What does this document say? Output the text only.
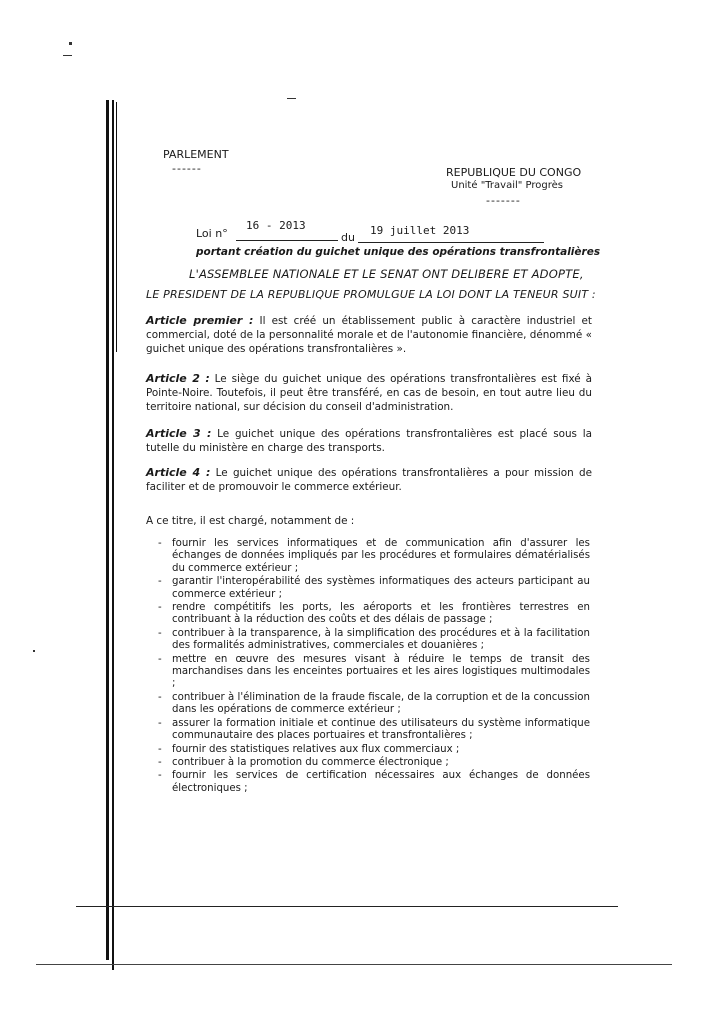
PARLEMENT
------	REPUBLIQUE DU CONGO
Unité "Travail" Progrès
-------
Loi n°
16 - 2013
du
19 juillet 2013
portant création du guichet unique des opérations transfrontalières
L'ASSEMBLEE NATIONALE ET LE SENAT ONT DELIBERE ET ADOPTE,
LE PRESIDENT DE LA REPUBLIQUE PROMULGUE LA LOI DONT LA TENEUR SUIT :
Article premier : Il est créé un établissement public à caractère industriel et commercial, doté de la personnalité morale et de l'autonomie financière, dénommé « guichet unique des opérations transfrontalières ».
Article 2 : Le siège du guichet unique des opérations transfrontalières est fixé à Pointe-Noire. Toutefois, il peut être transféré, en cas de besoin, en tout autre lieu du territoire national, sur décision du conseil d'administration.
Article 3 : Le guichet unique des opérations transfrontalières est placé sous la tutelle du ministère en charge des transports.
Article 4 : Le guichet unique des opérations transfrontalières a pour mission de faciliter et de promouvoir le commerce extérieur.
A ce titre, il est chargé, notamment de :
- fournir les services informatiques et de communication afin d'assurer les échanges de données impliqués par les procédures et formulaires dématérialisés du commerce extérieur ;
- garantir l'interopérabilité des systèmes informatiques des acteurs participant au commerce extérieur ;
- rendre compétitifs les ports, les aéroports et les frontières terrestres en contribuant à la réduction des coûts et des délais de passage ;
- contribuer à la transparence, à la simplification des procédures et à la facilitation des formalités administratives, commerciales et douanières ;
- mettre en œuvre des mesures visant à réduire le temps de transit des marchandises dans les enceintes portuaires et les aires logistiques multimodales ;
- contribuer à l'élimination de la fraude fiscale, de la corruption et de la concussion dans les opérations de commerce extérieur ;
- assurer la formation initiale et continue des utilisateurs du système informatique communautaire des places portuaires et transfrontalières ;
- fournir des statistiques relatives aux flux commerciaux ;
- contribuer à la promotion du commerce électronique ;
- fournir les services de certification nécessaires aux échanges de données électroniques ;
